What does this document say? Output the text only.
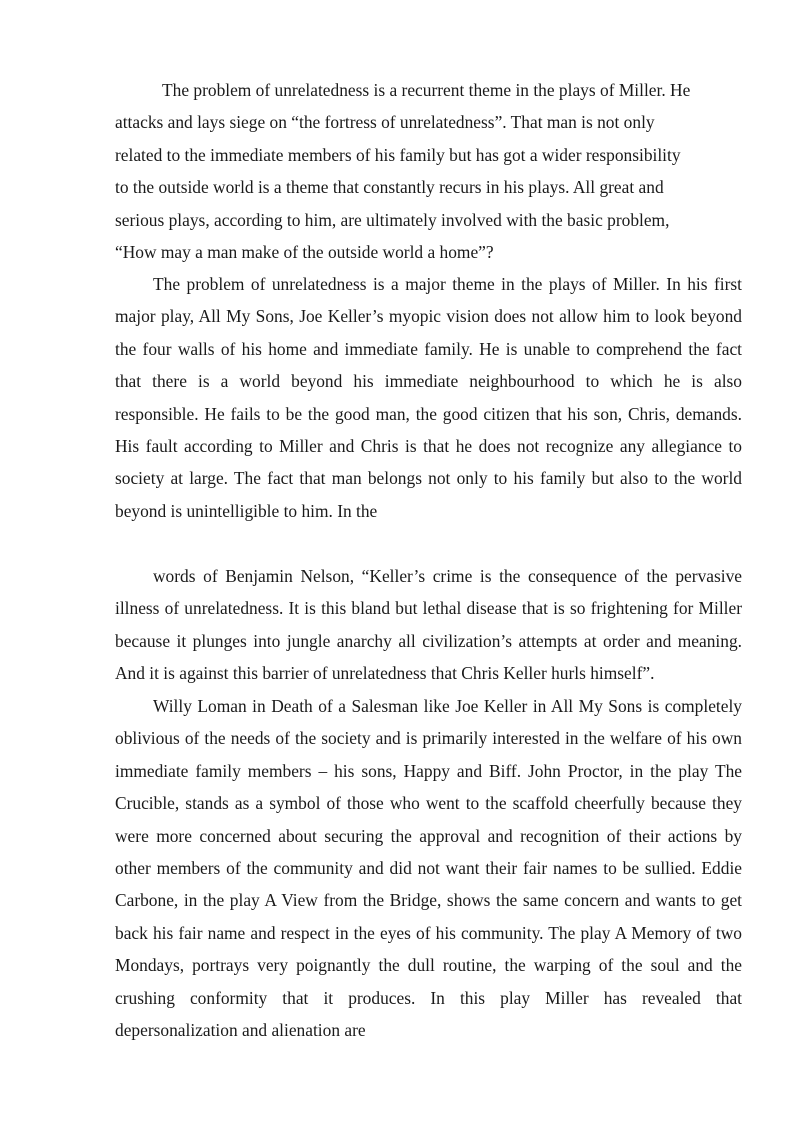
The problem of unrelatedness is a recurrent theme in the plays of Miller. He
attacks and lays siege on “the fortress of unrelatedness”. That man is not only
related to the immediate members of his family but has got a wider responsibility
to the outside world is a theme that constantly recurs in his plays. All great and
serious plays, according to him, are ultimately involved with the basic problem,
“How may a man make of the outside world a home”?

The problem of unrelatedness is a major theme in the plays of Miller. In his first major play, All My Sons, Joe Keller’s myopic vision does not allow him to look beyond the four walls of his home and immediate family. He is unable to comprehend the fact that there is a world beyond his immediate neighbourhood to which he is also responsible. He fails to be the good man, the good citizen that his son, Chris, demands. His fault according to Miller and Chris is that he does not recognize any allegiance to society at large. The fact that man belongs not only to his family but also to the world beyond is unintelligible to him. In the

words of Benjamin Nelson, “Keller’s crime is the consequence of the pervasive illness of unrelatedness. It is this bland but lethal disease that is so frightening for Miller because it plunges into jungle anarchy all civilization’s attempts at order and meaning. And it is against this barrier of unrelatedness that Chris Keller hurls himself”.

Willy Loman in Death of a Salesman like Joe Keller in All My Sons is completely oblivious of the needs of the society and is primarily interested in the welfare of his own immediate family members – his sons, Happy and Biff. John Proctor, in the play The Crucible, stands as a symbol of those who went to the scaffold cheerfully because they were more concerned about securing the approval and recognition of their actions by other members of the community and did not want their fair names to be sullied. Eddie Carbone, in the play A View from the Bridge, shows the same concern and wants to get back his fair name and respect in the eyes of his community. The play A Memory of two Mondays, portrays very poignantly the dull routine, the warping of the soul and the crushing conformity that it produces. In this play Miller has revealed that depersonalization and alienation are
